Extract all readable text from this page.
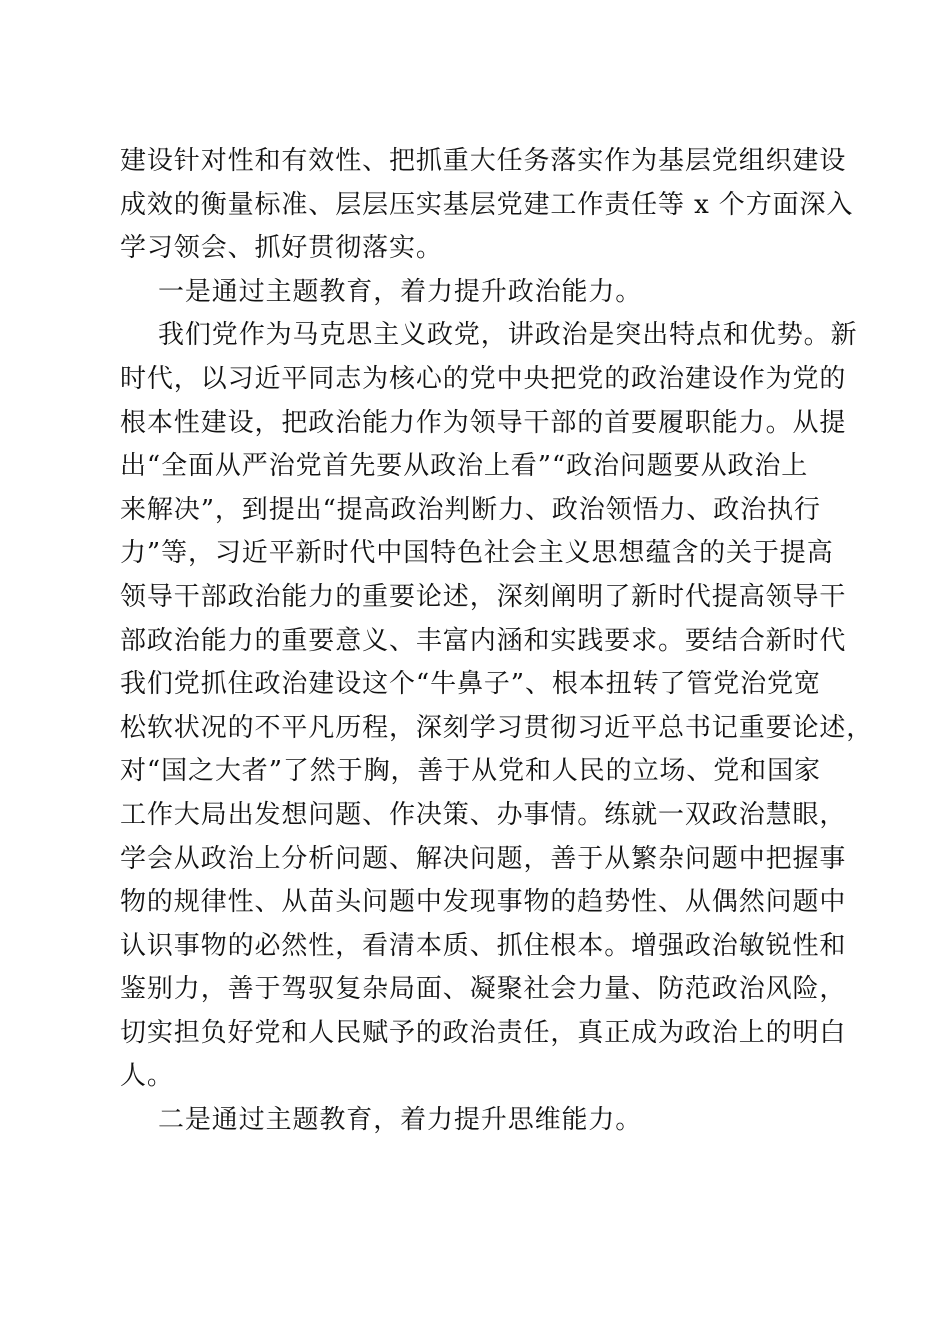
建设针对性和有效性、把抓重大任务落实作为基层党组织建设
成效的衡量标准、层层压实基层党建工作责任等 x 个方面深入
学习领会、抓好贯彻落实。
一是通过主题教育，着力提升政治能力。
我们党作为马克思主义政党，讲政治是突出特点和优势。新
时代，以习近平同志为核心的党中央把党的政治建设作为党的
根本性建设，把政治能力作为领导干部的首要履职能力。从提
出“全面从严治党首先要从政治上看”“政治问题要从政治上
来解决”，到提出“提高政治判断力、政治领悟力、政治执行
力”等，习近平新时代中国特色社会主义思想蕴含的关于提高
领导干部政治能力的重要论述，深刻阐明了新时代提高领导干
部政治能力的重要意义、丰富内涵和实践要求。要结合新时代
我们党抓住政治建设这个“牛鼻子”、根本扭转了管党治党宽
松软状况的不平凡历程，深刻学习贯彻习近平总书记重要论述，
对“国之大者”了然于胸，善于从党和人民的立场、党和国家
工作大局出发想问题、作决策、办事情。练就一双政治慧眼，
学会从政治上分析问题、解决问题，善于从繁杂问题中把握事
物的规律性、从苗头问题中发现事物的趋势性、从偶然问题中
认识事物的必然性，看清本质、抓住根本。增强政治敏锐性和
鉴别力，善于驾驭复杂局面、凝聚社会力量、防范政治风险，
切实担负好党和人民赋予的政治责任，真正成为政治上的明白
人。
二是通过主题教育，着力提升思维能力。
